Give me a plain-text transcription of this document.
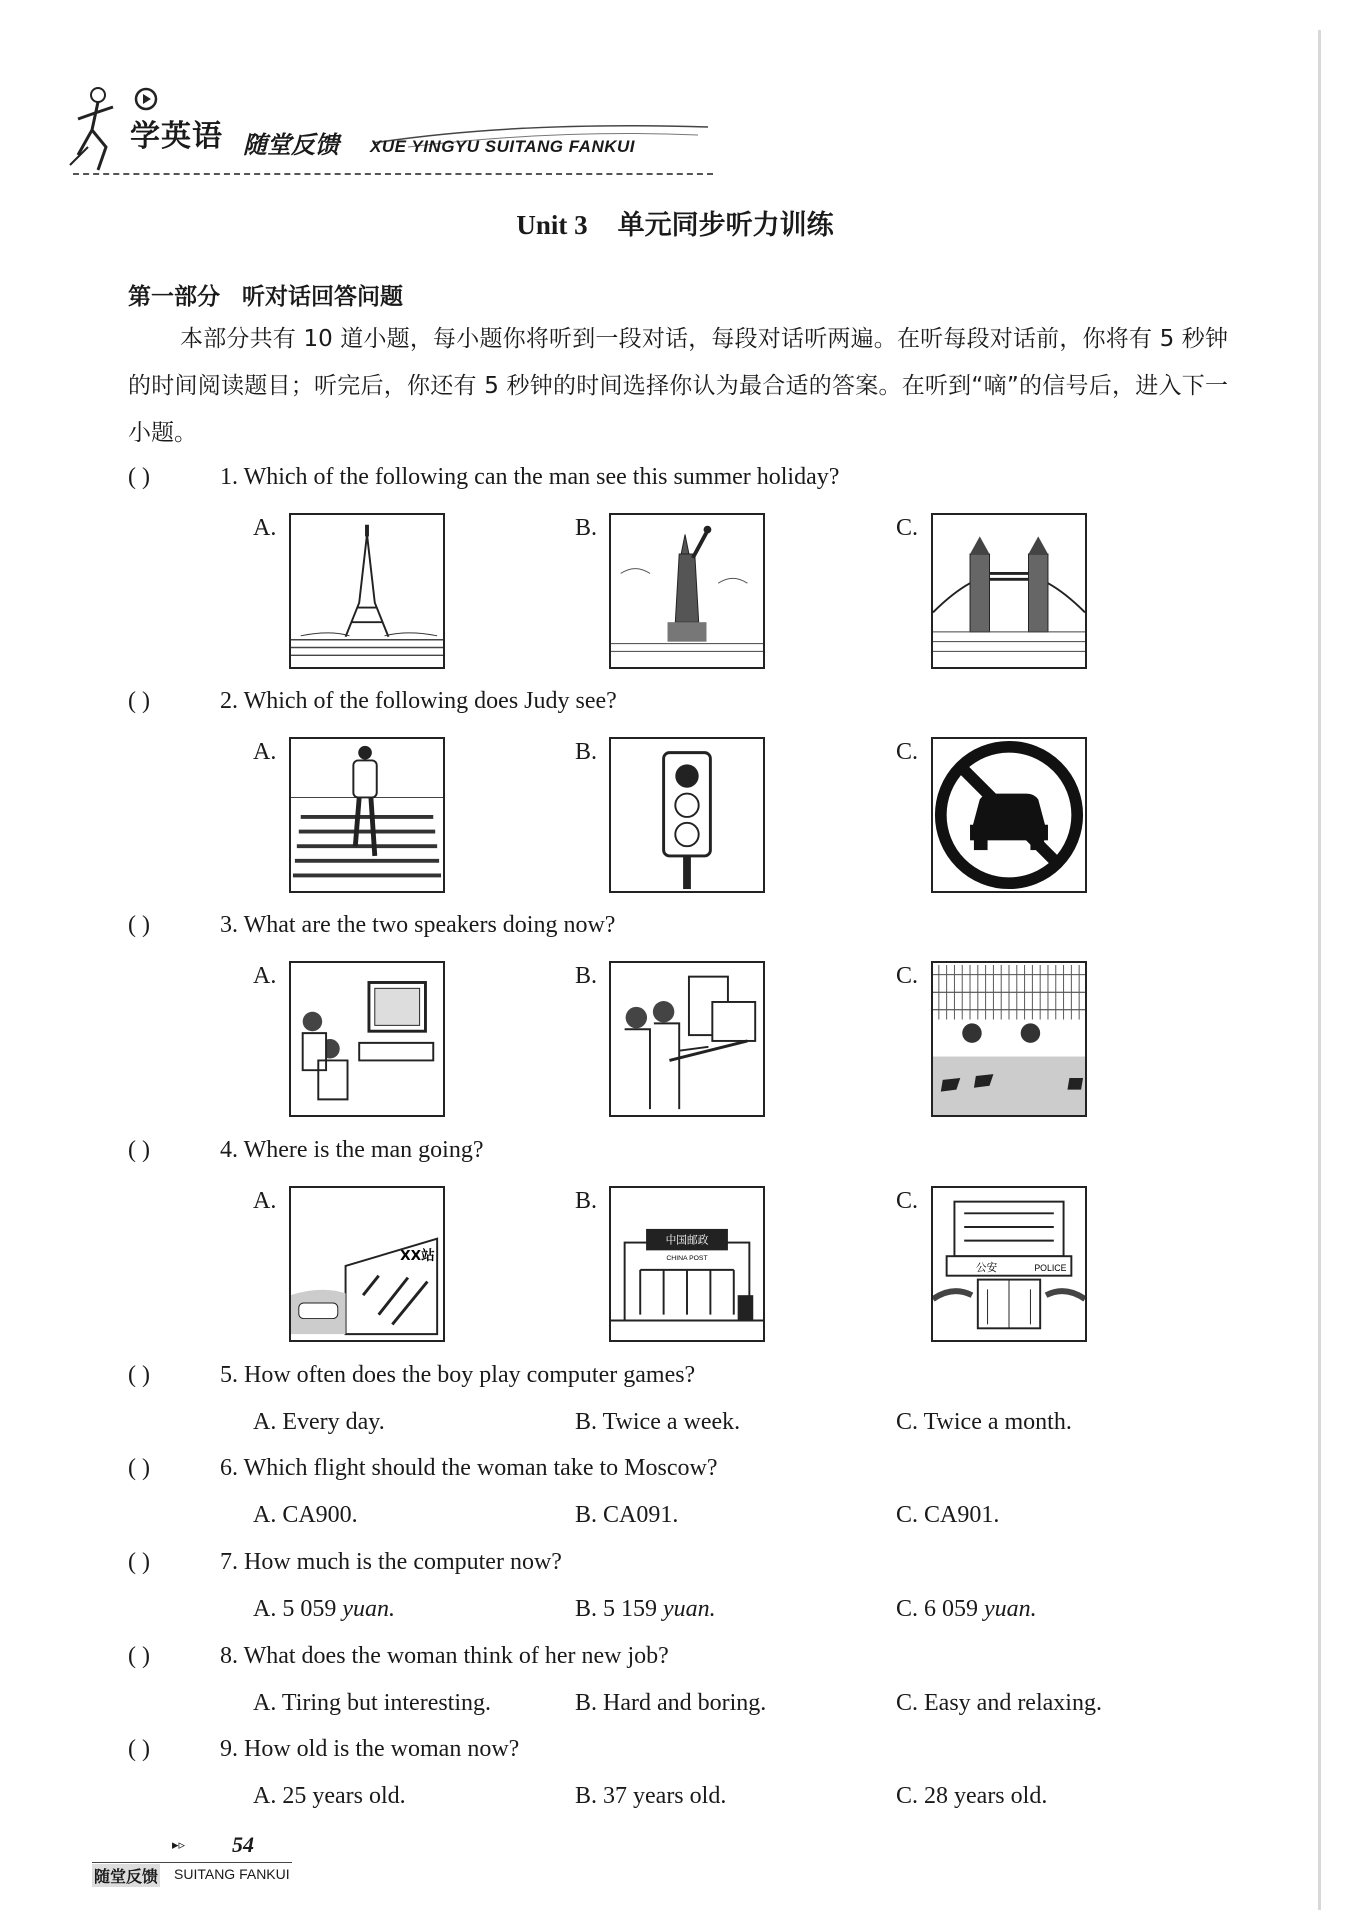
学英语 随堂反馈 XUE YINGYU SUITANG FANKUI
Unit 3 单元同步听力训练
第一部分 听对话回答问题
本部分共有 10 道小题，每小题你将听到一段对话，每段对话听两遍。在听每段对话前，你将有 5 秒钟的时间阅读题目；听完后，你还有 5 秒钟的时间选择你认为最合适的答案。在听到“嘀”的信号后，进入下一小题。
( )	1. Which of the following can the man see this summer holiday?
A.	B.	C.
( )	2. Which of the following does Judy see?
A.	B.	C.
( )	3. What are the two speakers doing now?
A.	B.	C.
( )	4. Where is the man going?
A.
XX站
B.
中国邮政
CHINA POST
C.
公安	POLICE
( )	5. How often does the boy play computer games?
A. Every day.	B. Twice a week.	C. Twice a month.
( )	6. Which flight should the woman take to Moscow?
A. CA900.	B. CA091.	C. CA901.
( )	7. How much is the computer now?
A. 5 059 yuan.	B. 5 159 yuan.	C. 6 059 yuan.
( )	8. What does the woman think of her new job?
A. Tiring but interesting.	B. Hard and boring.	C. Easy and relaxing.
( )	9. How old is the woman now?
A. 25 years old.	B. 37 years old.	C. 28 years old.
▸▹ 54
随堂反馈 SUITANG FANKUI
